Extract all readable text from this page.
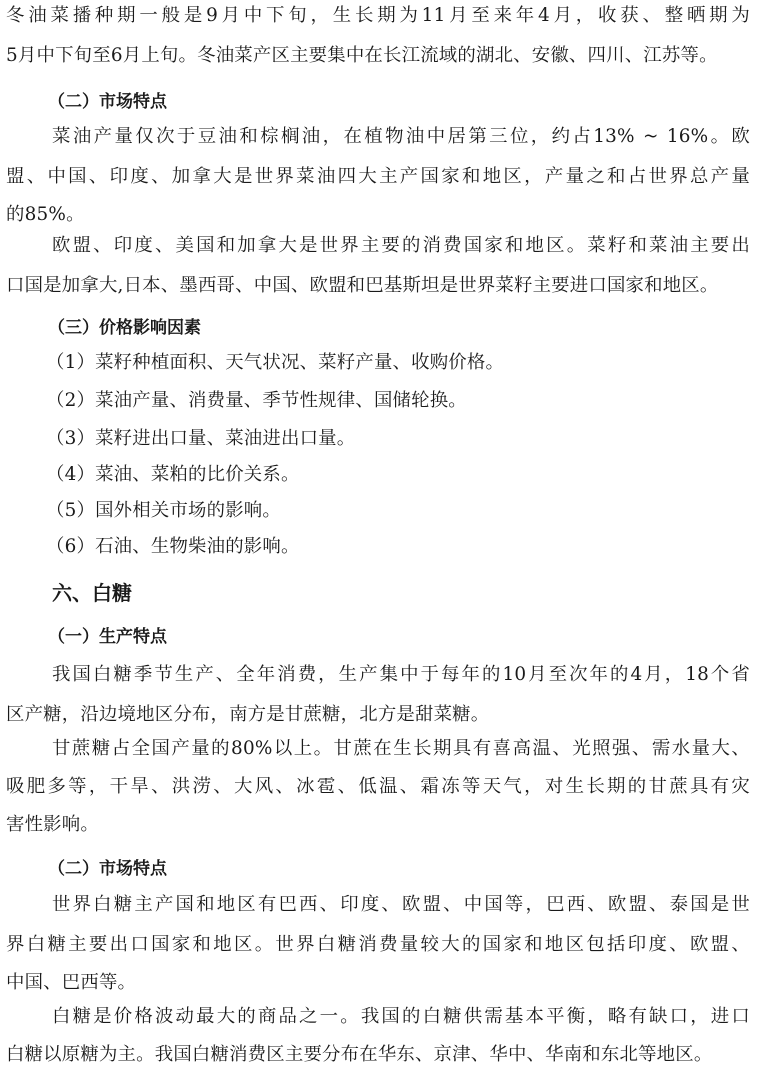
冬油菜播种期一般是9月中下旬，生长期为11月至来年4月，收获、整晒期为
5月中下旬至6月上旬。冬油菜产区主要集中在长江流域的湖北、安徽、四川、江苏等。
（二）市场特点
菜油产量仅次于豆油和棕榈油，在植物油中居第三位，约占13% ~ 16%。欧
盟、中国、印度、加拿大是世界菜油四大主产国家和地区，产量之和占世界总产量
的85%。
欧盟、印度、美国和加拿大是世界主要的消费国家和地区。菜籽和菜油主要出
口国是加拿大,日本、墨西哥、中国、欧盟和巴基斯坦是世界菜籽主要进口国家和地区。
（三）价格影响因素
（1）菜籽种植面积、天气状况、菜籽产量、收购价格。
（2）菜油产量、消费量、季节性规律、国储轮换。
（3）菜籽进出口量、菜油进出口量。
（4）菜油、菜粕的比价关系。
（5）国外相关市场的影响。
（6）石油、生物柴油的影响。
六、白糖
（一）生产特点
我国白糖季节生产、全年消费，生产集中于每年的10月至次年的4月，18个省
区产糖，沿边境地区分布，南方是甘蔗糖，北方是甜菜糖。
甘蔗糖占全国产量的80%以上。甘蔗在生长期具有喜高温、光照强、需水量大、
吸肥多等，干旱、洪涝、大风、冰雹、低温、霜冻等天气，对生长期的甘蔗具有灾
害性影响。
（二）市场特点
世界白糖主产国和地区有巴西、印度、欧盟、中国等，巴西、欧盟、泰国是世
界白糖主要出口国家和地区。世界白糖消费量较大的国家和地区包括印度、欧盟、
中国、巴西等。
白糖是价格波动最大的商品之一。我国的白糖供需基本平衡，略有缺口，进口
白糖以原糖为主。我国白糖消费区主要分布在华东、京津、华中、华南和东北等地区。
